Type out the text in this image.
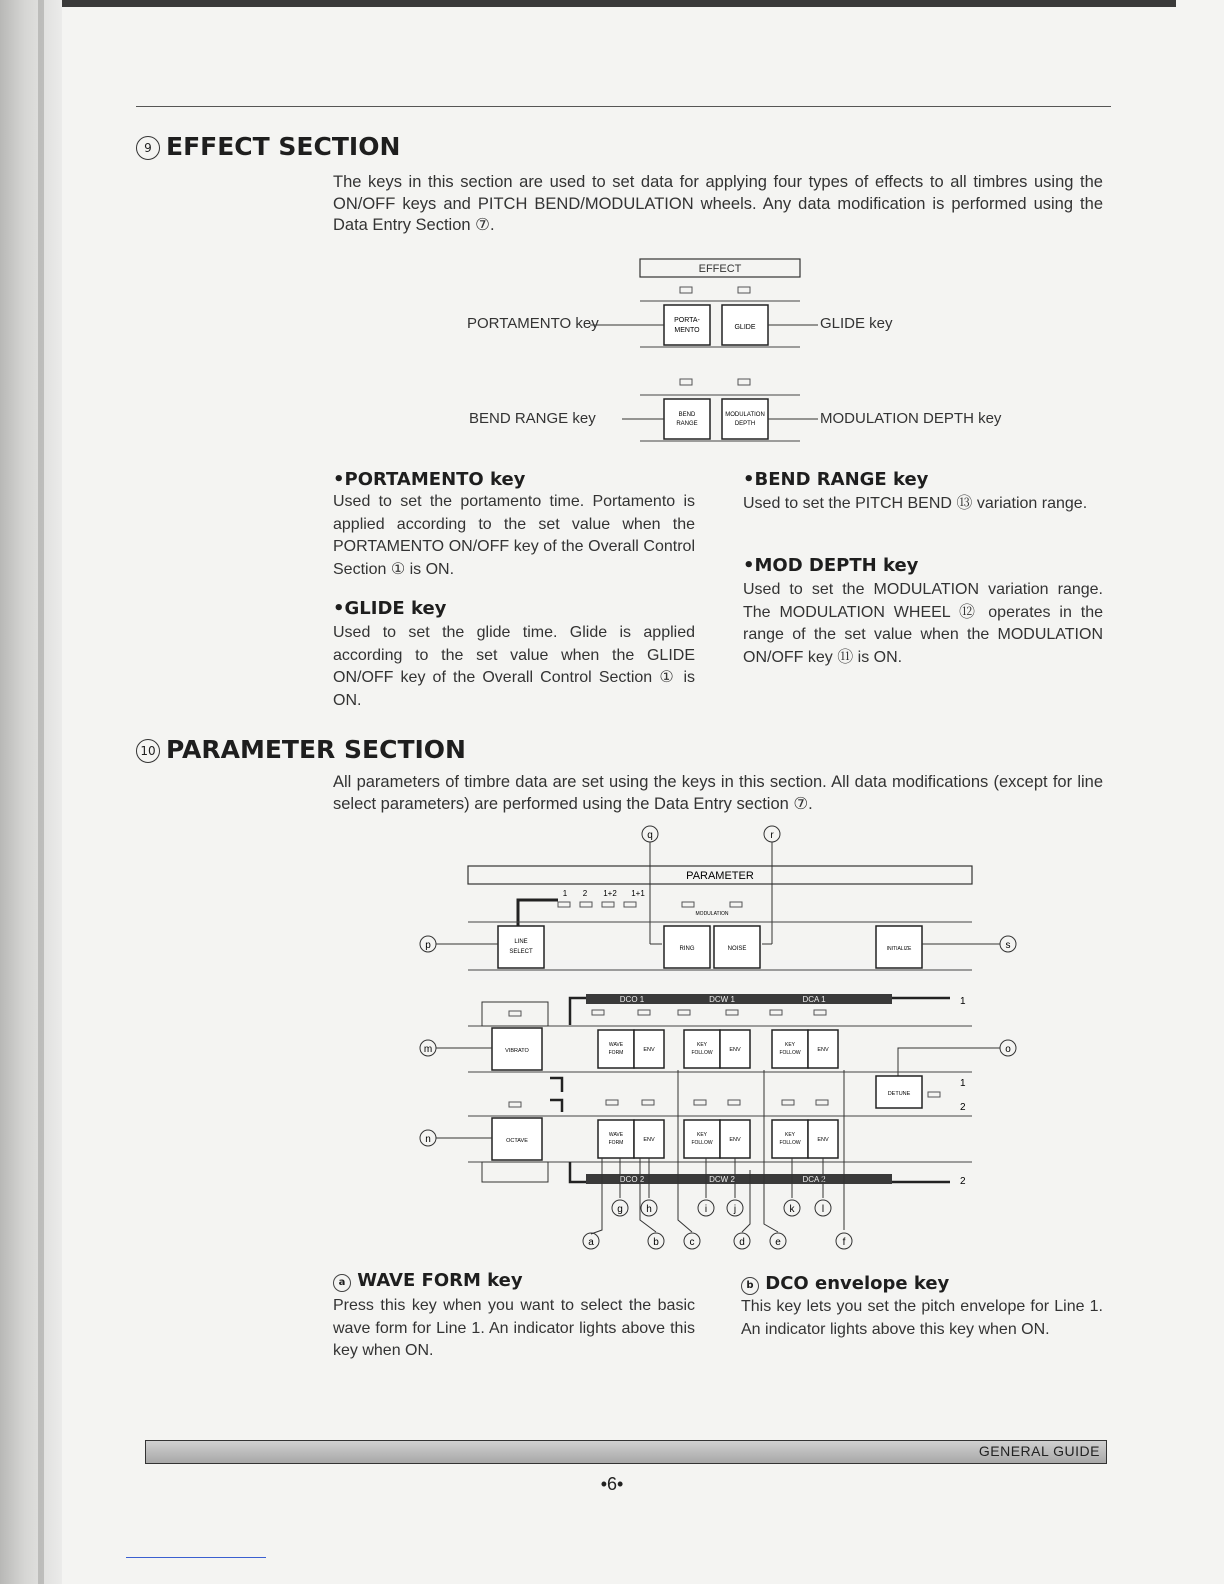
9 EFFECT SECTION
The keys in this section are used to set data for applying four types of effects to all timbres using the ON/OFF keys and PITCH BEND/MODULATION wheels. Any data modification is performed using the Data Entry Section ⑦.
EFFECT
PORTA-
MENTO	GLIDE
BEND
RANGE
MODULATION
DEPTH
PORTAMENTO key	GLIDE key
BEND RANGE key	MODULATION DEPTH key
•PORTAMENTO key
Used to set the portamento time. Portamento is applied according to the set value when the PORTAMENTO ON/OFF key of the Overall Control Section ① is ON.
•GLIDE key
Used to set the glide time. Glide is applied according to the set value when the GLIDE ON/OFF key of the Overall Control Section ① is ON.
•BEND RANGE key
Used to set the PITCH BEND ⑬ variation range.
•MOD DEPTH key
Used to set the MODULATION variation range. The MODULATION WHEEL ⑫ operates in the range of the set value when the MODULATION ON/OFF key ⑪ is ON.
10 PARAMETER SECTION
All parameters of timbre data are set using the keys in this section. All data modifications (except for line select parameters) are performed using the Data Entry section ⑦.
q	r
PARAMETER
1 2 1+2 1+1
MODULATION
LINE
SELECT	RING	NOISE	INITIALIZE
p	s
DCO 1	DCW 1	DCA 1	1
VIBRATO
m	WAVE
FORM	ENV
KEY
FOLLOW	ENV
KEY
FOLLOW	ENV	o
DETUNE
1
2
OCTAVE
n	WAVE
FORM	ENV
KEY
FOLLOW	ENV
KEY
FOLLOW	ENV
DCO 2	DCW 2	DCA 2	2
g h	i	j	k	l
a	b	c	d	e	f
a WAVE FORM key
Press this key when you want to select the basic wave form for Line 1. An indicator lights above this key when ON.
b DCO envelope key
This key lets you set the pitch envelope for Line 1. An indicator lights above this key when ON.
GENERAL GUIDE
•6•
